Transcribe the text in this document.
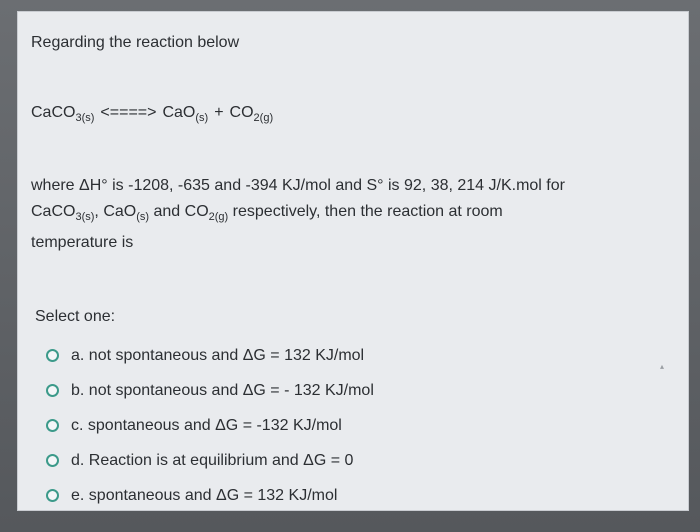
Regarding the reaction below
CaCO$_{3(s)}$ <====> $CaO_{(s)} + CO_{2(g)}$
where ΔH° is -1208, -635 and -394 KJ/mol and S° is 92, 38, 214 J/K.mol for
CaCO$_{3(s)}$, CaO$_{(s)}$ and $CO_{2(g)}$ respectively, then the reaction at room
temperature is
Select one:
a. not spontaneous and ΔG = 132 KJ/mol
b. not spontaneous and ΔG = - 132 KJ/mol
c. spontaneous and ΔG = -132 KJ/mol
d. Reaction is at equilibrium and ΔG = 0
e. spontaneous and ΔG = 132 KJ/mol
▴
